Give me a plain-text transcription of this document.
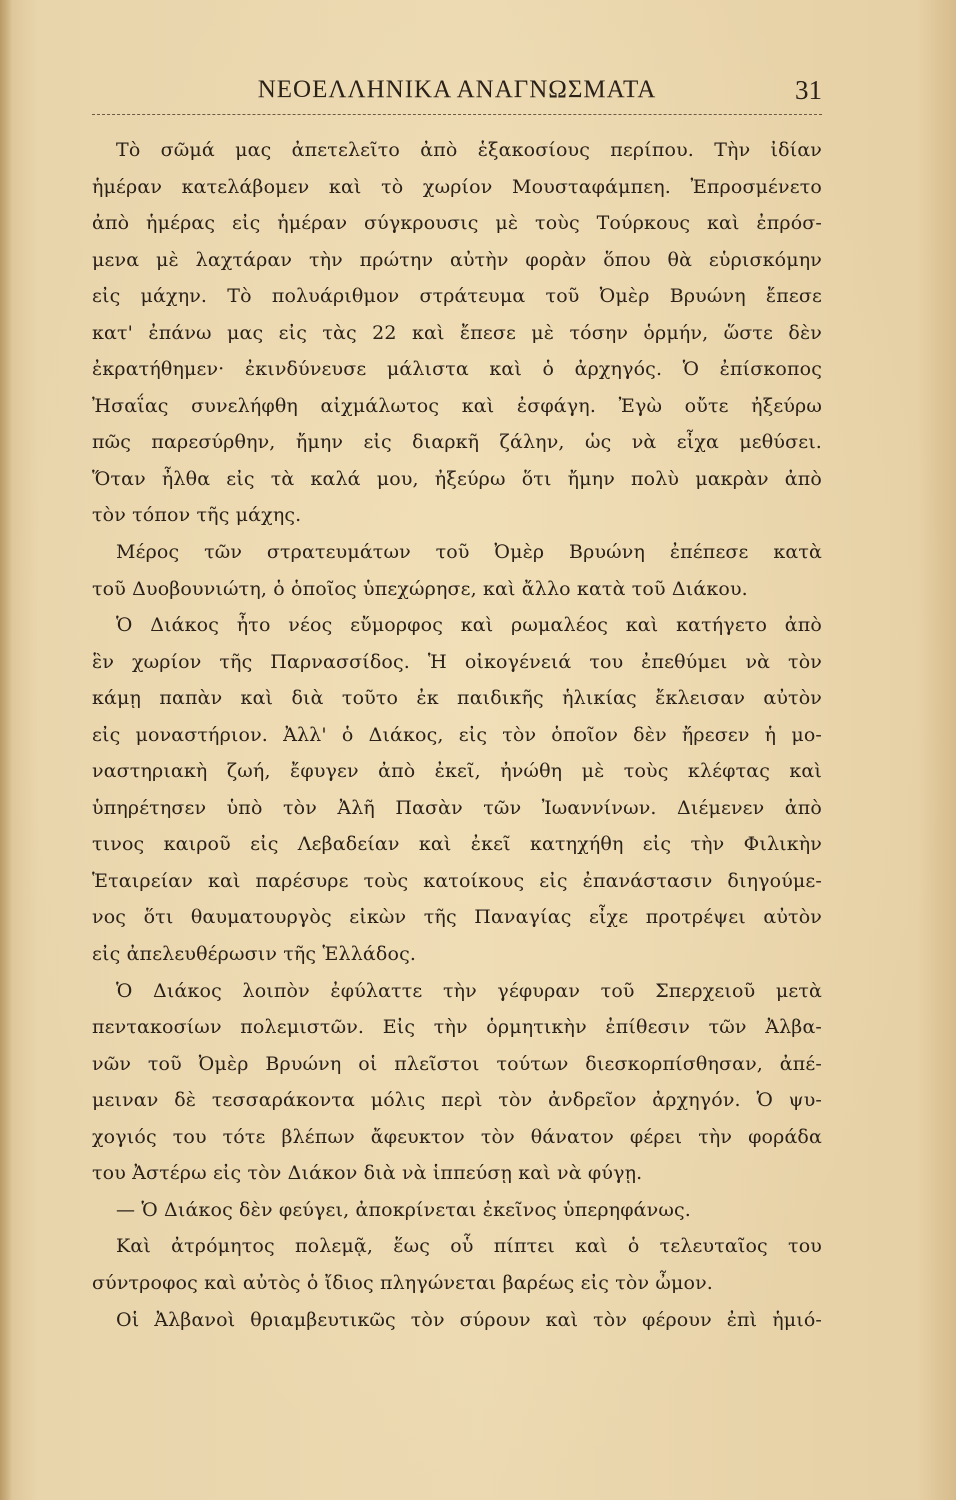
ΝΕΟΕΛΛΗΝΙΚΑ ΑΝΑΓΝΩΣΜΑΤΑ	31
Τὸ σῶμά μας ἀπετελεῖτο ἀπὸ ἑξακοσίους περίπου. Τὴν ἰδίαν
ἡμέραν κατελάβομεν καὶ τὸ χωρίον Μουσταφάμπεη. Ἐπροσμένετο
ἀπὸ ἡμέρας εἰς ἡμέραν σύγκρουσις μὲ τοὺς Τούρκους καὶ ἐπρόσ-
μενα μὲ λαχτάραν τὴν πρώτην αὐτὴν φορὰν ὅπου θὰ εὑρισκόμην
εἰς μάχην. Τὸ πολυάριθμον στράτευμα τοῦ Ὀμὲρ Βρυώνη ἔπεσε
κατ' ἐπάνω μας εἰς τὰς 22 καὶ ἔπεσε μὲ τόσην ὁρμήν, ὥστε δὲν
ἐκρατήθημεν· ἐκινδύνευσε μάλιστα καὶ ὁ ἀρχηγός. Ὁ ἐπίσκοπος
Ἠσαΐας συνελήφθη αἰχμάλωτος καὶ ἐσφάγη. Ἐγὼ οὔτε ἠξεύρω
πῶς παρεσύρθην, ἤμην εἰς διαρκῆ ζάλην, ὡς νὰ εἶχα μεθύσει.
Ὅταν ἦλθα εἰς τὰ καλά μου, ἠξεύρω ὅτι ἤμην πολὺ μακρὰν ἀπὸ
τὸν τόπον τῆς μάχης.
Μέρος τῶν στρατευμάτων τοῦ Ὀμὲρ Βρυώνη ἐπέπεσε κατὰ
τοῦ Δυοβουνιώτη, ὁ ὁποῖος ὑπεχώρησε, καὶ ἄλλο κατὰ τοῦ Διάκου.
Ὁ Διάκος ἦτο νέος εὔμορφος καὶ ρωμαλέος καὶ κατήγετο ἀπὸ
ἓν χωρίον τῆς Παρνασσίδος. Ἡ οἰκογένειά του ἐπεθύμει νὰ τὸν
κάμῃ παπὰν καὶ διὰ τοῦτο ἐκ παιδικῆς ἡλικίας ἔκλεισαν αὐτὸν
εἰς μοναστήριον. Ἀλλ' ὁ Διάκος, εἰς τὸν ὁποῖον δὲν ἤρεσεν ἡ μο-
ναστηριακὴ ζωή, ἔφυγεν ἀπὸ ἐκεῖ, ἠνώθη μὲ τοὺς κλέφτας καὶ
ὑπηρέτησεν ὑπὸ τὸν Ἀλῆ Πασὰν τῶν Ἰωαννίνων. Διέμενεν ἀπὸ
τινος καιροῦ εἰς Λεβαδείαν καὶ ἐκεῖ κατηχήθη εἰς τὴν Φιλικὴν
Ἑταιρείαν καὶ παρέσυρε τοὺς κατοίκους εἰς ἐπανάστασιν διηγούμε-
νος ὅτι θαυματουργὸς εἰκὼν τῆς Παναγίας εἶχε προτρέψει αὐτὸν
εἰς ἀπελευθέρωσιν τῆς Ἑλλάδος.
Ὁ Διάκος λοιπὸν ἐφύλαττε τὴν γέφυραν τοῦ Σπερχειοῦ μετὰ
πεντακοσίων πολεμιστῶν. Εἰς τὴν ὁρμητικὴν ἐπίθεσιν τῶν Ἀλβα-
νῶν τοῦ Ὀμὲρ Βρυώνη οἱ πλεῖστοι τούτων διεσκορπίσθησαν, ἀπέ-
μειναν δὲ τεσσαράκοντα μόλις περὶ τὸν ἀνδρεῖον ἀρχηγόν. Ὁ ψυ-
χογιός του τότε βλέπων ἄφευκτον τὸν θάνατον φέρει τὴν φοράδα
του Ἀστέρω εἰς τὸν Διάκον διὰ νὰ ἱππεύσῃ καὶ νὰ φύγῃ.
— Ὁ Διάκος δὲν φεύγει, ἀποκρίνεται ἐκεῖνος ὑπερηφάνως.
Καὶ ἀτρόμητος πολεμᾷ, ἕως οὗ πίπτει καὶ ὁ τελευταῖος του
σύντροφος καὶ αὐτὸς ὁ ἴδιος πληγώνεται βαρέως εἰς τὸν ὦμον.
Οἱ Ἀλβανοὶ θριαμβευτικῶς τὸν σύρουν καὶ τὸν φέρουν ἐπὶ ἡμιό-
